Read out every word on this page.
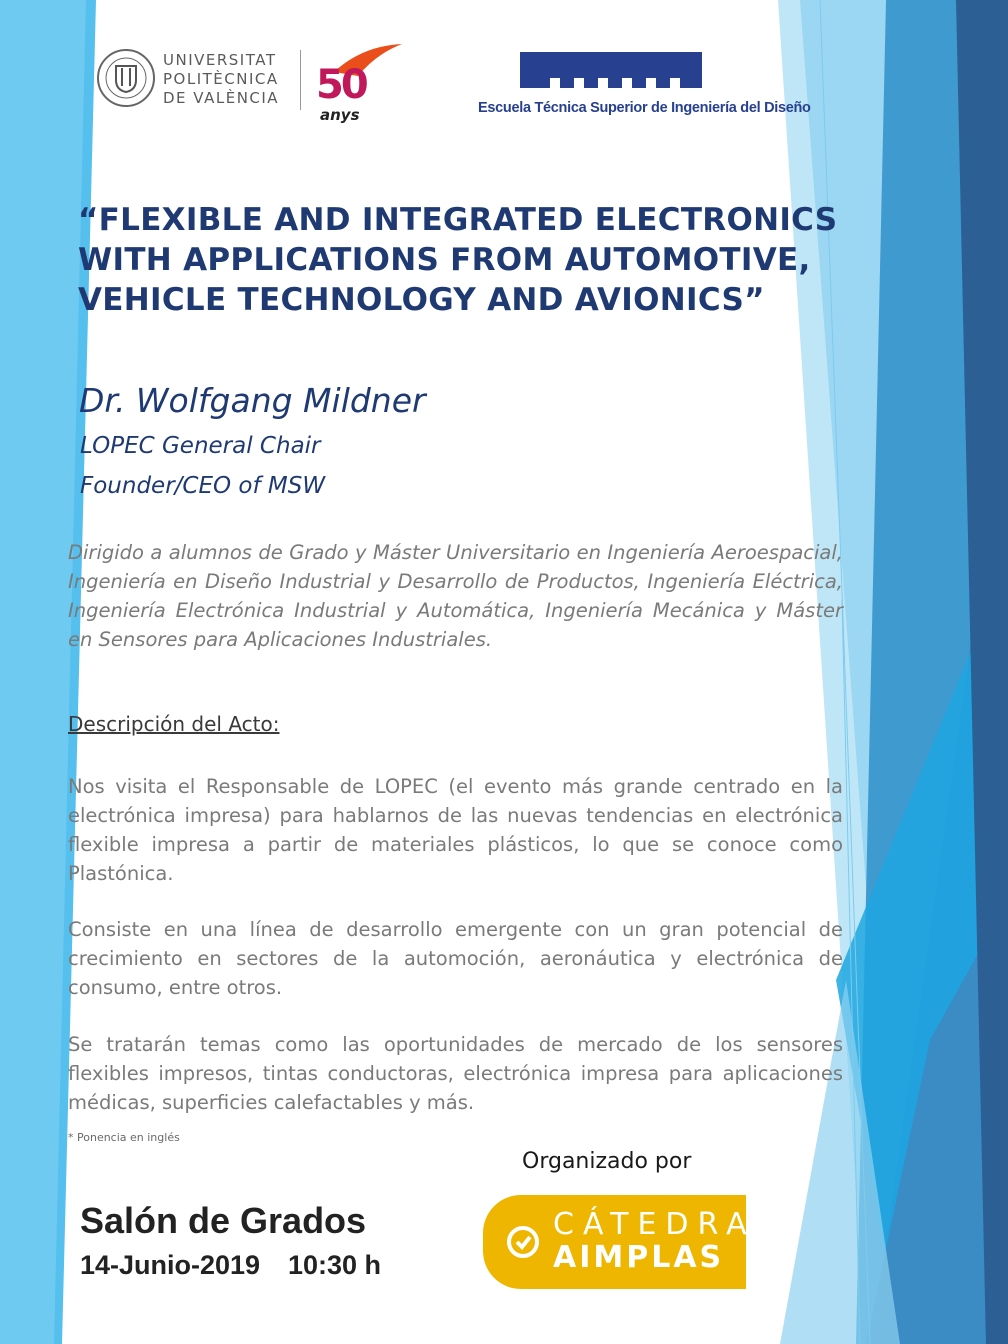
UNIVERSITAT
POLITÈCNICA
DE VALÈNCIA 50
anys	Escuela Técnica Superior de Ingeniería del Diseño
“FLEXIBLE AND INTEGRATED ELECTRONICS
WITH APPLICATIONS FROM AUTOMOTIVE,
VEHICLE TECHNOLOGY AND AVIONICS”
Dr. Wolfgang Mildner
LOPEC General Chair
Founder/CEO of MSW
Dirigido a alumnos de Grado y Máster Universitario en Ingeniería Aeroespacial, Ingeniería en Diseño Industrial y Desarrollo de Productos, Ingeniería Eléctrica, Ingeniería Electrónica Industrial y Automática, Ingeniería Mecánica y Máster en Sensores para Aplicaciones Industriales.
Descripción del Acto:
Nos visita el Responsable de LOPEC (el evento más grande centrado en la electrónica impresa) para hablarnos de las nuevas tendencias en electrónica flexible impresa a partir de materiales plásticos, lo que se conoce como Plastónica.
Consiste en una línea de desarrollo emergente con un gran potencial de crecimiento en sectores de la automoción, aeronáutica y electrónica de consumo, entre otros.
Se tratarán temas como las oportunidades de mercado de los sensores flexibles impresos, tintas conductoras, electrónica impresa para aplicaciones médicas, superficies calefactables y más.
* Ponencia en inglés
Salón de Grados
14-Junio-2019 10:30 h
Organizado por
CÁTEDRA
AIMPLAS
